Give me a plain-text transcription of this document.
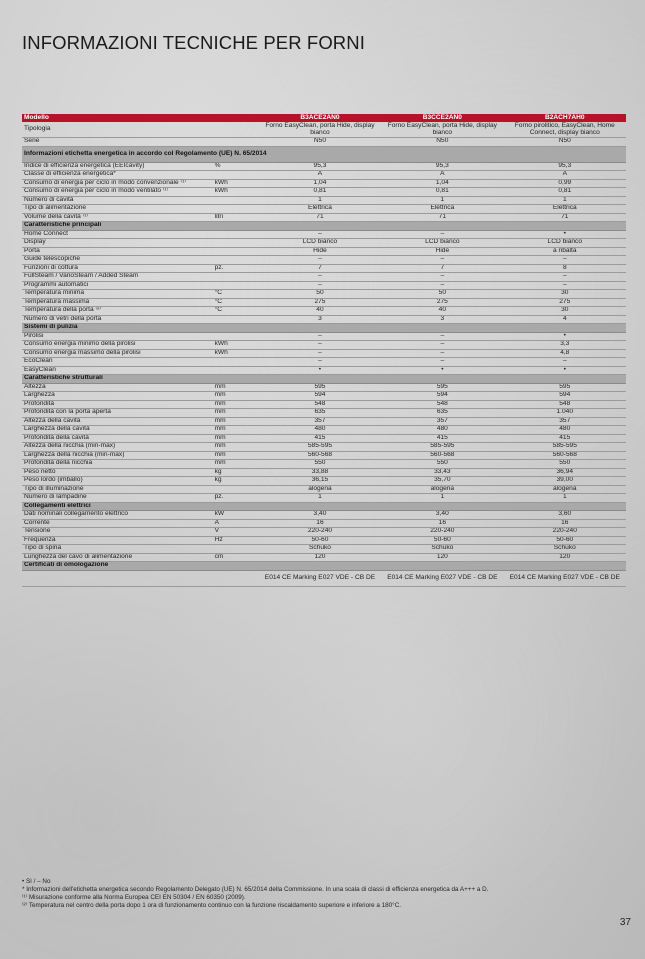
INFORMAZIONI TECNICHE PER FORNI
Modello		B3ACE2AN0	B3CCE2AN0	B2ACH7AH0
Tipologia		Forno EasyClean, porta Hide, display bianco	Forno EasyClean, porta Hide, display bianco	Forno pirolitico, EasyClean, Home Connect, display bianco
Serie		N50	N50	N50
Informazioni etichetta energetica in accordo col Regolamento (UE) N. 65/2014				
Indice di efficienza energetica (EEIcavity)	%	95,3	95,3	95,3
Classe di efficienza energetica*		A	A	A
Consumo di energia per ciclo in modo convenzionale ⁽¹⁾	kWh	1,04	1,04	0,99
Consumo di energia per ciclo in modo ventilato ⁽¹⁾	kWh	0,81	0,81	0,81
Numero di cavità		1	1	1
Tipo di alimentazione		Elettrica	Elettrica	Elettrica
Volume della cavità ⁽¹⁾	litri	71	71	71
Caratteristiche principali				
Home Connect		–	–	•
Display		LCD bianco	LCD bianco	LCD bianco
Porta		Hide	Hide	a ribalta
Guide telescopiche		–	–	–
Funzioni di cottura	pz.	7	7	8
FullSteam / VarioSteam / Added Steam		–	–	–
Programmi automatici		–	–	–
Temperatura minima	°C	50	50	30
Temperatura massima	°C	275	275	275
Temperatura della porta ⁽²⁾	°C	40	40	30
Numero di vetri della porta		3	3	4
Sistemi di pulizia				
Pirolisi		–	–	•
Consumo energia minimo della pirolisi	kWh	–	–	3,3
Consumo energia massimo della pirolisi	kWh	–	–	4,8
EcoClean		–	–	–
EasyClean		•	•	•
Caratteristiche strutturali				
Altezza	mm	595	595	595
Larghezza	mm	594	594	594
Profondità	mm	548	548	548
Profondità con la porta aperta	mm	635	635	1.040
Altezza della cavità	mm	357	357	357
Larghezza della cavità	mm	480	480	480
Profondità della cavità	mm	415	415	415
Altezza della nicchia (min-max)	mm	585-595	585-595	585-595
Larghezza della nicchia (min-max)	mm	560-568	560-568	560-568
Profondità della nicchia	mm	550	550	550
Peso netto	kg	33,88	33,43	36,94
Peso lordo (imballo)	kg	36,15	35,70	39,00
Tipo di illuminazione		alogena	alogena	alogena
Numero di lampadine	pz.	1	1	1
Collegamenti elettrici				
Dati nominali collegamento elettrico	kW	3,40	3,40	3,60
Corrente	A	16	16	16
Tensione	V	220-240	220-240	220-240
Frequenza	Hz	50-60	50-60	50-60
Tipo di spina		Schuko	Schuko	Schuko
Lunghezza del cavo di alimentazione	cm	120	120	120
Certificati di omologazione				
		E014 CE Marking E027 VDE - CB DE	E014 CE Marking E027 VDE - CB DE	E014 CE Marking E027 VDE - CB DE
• Sì / – No
* Informazioni dell'etichetta energetica secondo Regolamento Delegato (UE) N. 65/2014 della Commissione. In una scala di classi di efficienza energetica da A+++ a D.
⁽¹⁾ Misurazione conforme alla Norma Europea CEI EN 50304 / EN 60350 (2009).
⁽²⁾ Temperatura nel centro della porta dopo 1 ora di funzionamento continuo con la funzione riscaldamento superiore e inferiore a 180°C.
37
